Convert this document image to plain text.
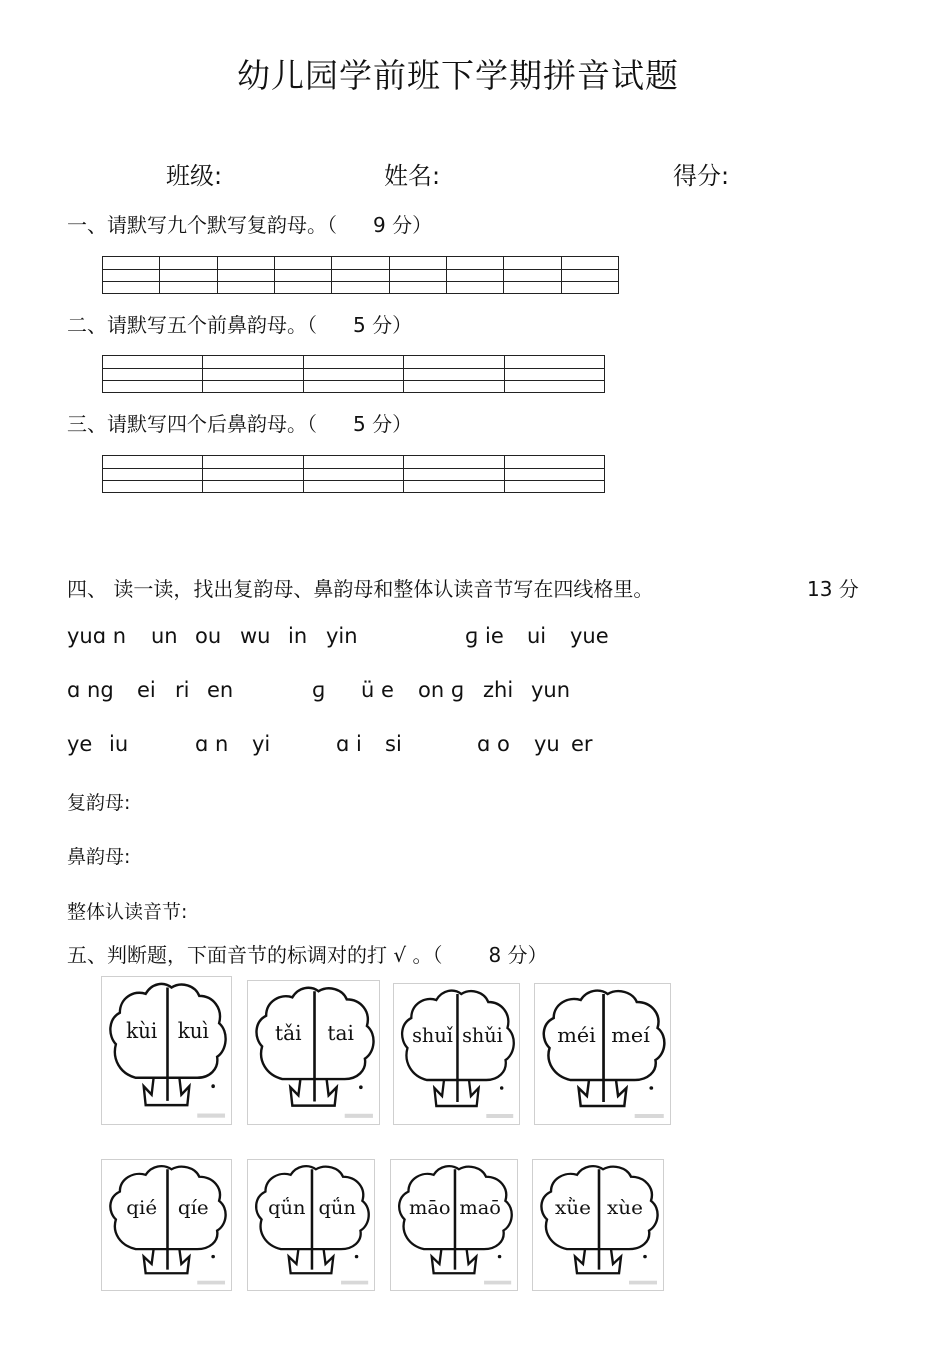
幼儿园学前班下学期拼音试题
班级:	姓名:	得分:
一、请默写九个默写复韵母。（ 9 分）
二、请默写五个前鼻韵母。（ 5 分）
三、请默写四个后鼻韵母。（ 5 分）
四、 读一读，找出复韵母、鼻韵母和整体认读音节写在四线格里。	13 分
yuɑ n un ou wu in yin	ɡ ie ui yue
ɑ ng ei ri en	ɡ ü e on ɡ zhi yun
ye iu	ɑ n yi	ɑ i si	ɑ o yu er
复韵母:
鼻韵母:
整体认读音节:
五、判断题，下面音节的标调对的打 √ 。（ 8 分）
kùi kuì	tǎi tai	shuǐ shǔi	méi meí
qié qíe	qǘn qǘn	māo maō	xǜe xùe
